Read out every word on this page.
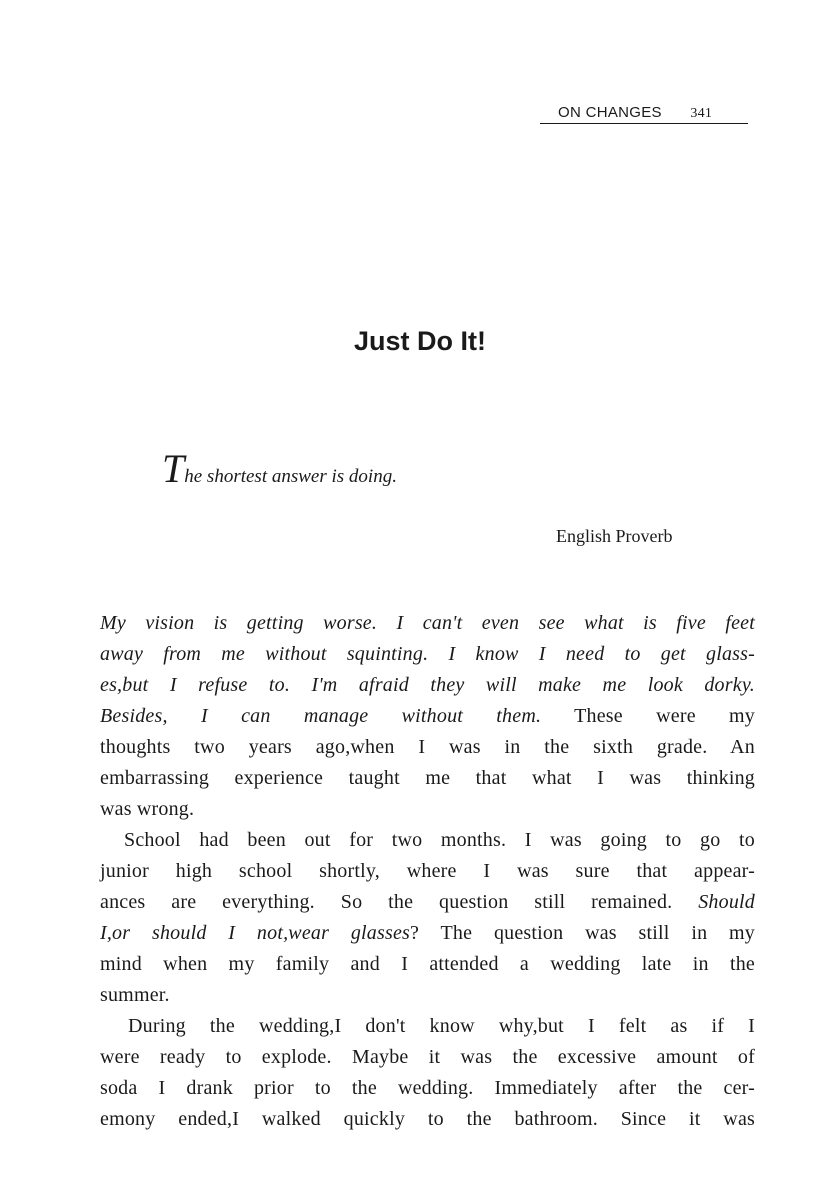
ON CHANGES 341
Just Do It!
The shortest answer is doing.
English Proverb
My vision is getting worse. I can't even see what is five feet
away from me without squinting. I know I need to get glass-
es,but I refuse to. I'm afraid they will make me look dorky.
Besides, I can manage without them. These were my
thoughts two years ago,when I was in the sixth grade. An
embarrassing experience taught me that what I was thinking
was wrong.
School had been out for two months. I was going to go to
junior high school shortly, where I was sure that appear-
ances are everything. So the question still remained. Should
I,or should I not,wear glasses? The question was still in my
mind when my family and I attended a wedding late in the
summer.
During the wedding,I don't know why,but I felt as if I
were ready to explode. Maybe it was the excessive amount of
soda I drank prior to the wedding. Immediately after the cer-
emony ended,I walked quickly to the bathroom. Since it was
